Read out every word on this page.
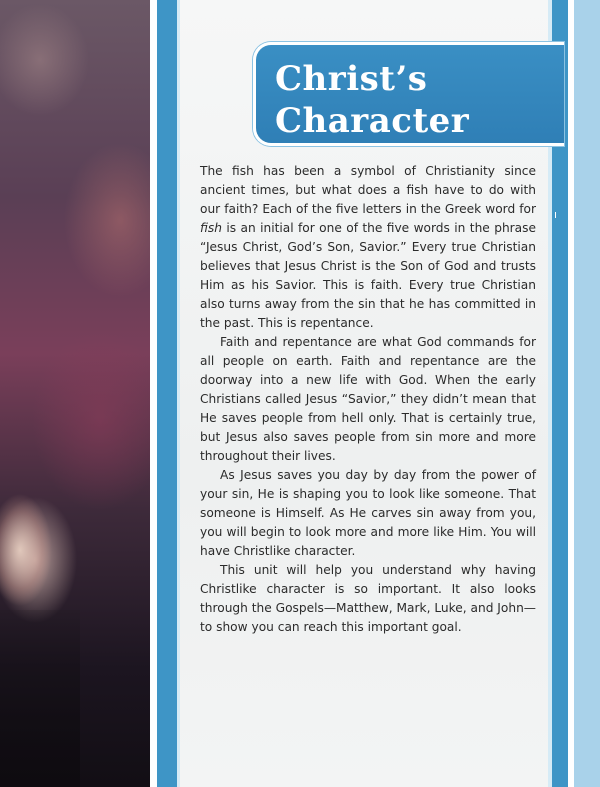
Christ’s
Character

The fish has been a symbol of Christianity since ancient times, but what does a fish have to do with our faith? Each of the five letters in the Greek word for fish is an initial for one of the five words in the phrase “Jesus Christ, God’s Son, Savior.” Every true Christian believes that Jesus Christ is the Son of God and trusts Him as his Savior. This is faith. Every true Christian also turns away from the sin that he has committed in the past. This is repentance.

Faith and repentance are what God commands for all people on earth. Faith and repentance are the doorway into a new life with God. When the early Christians called Jesus “Savior,” they didn’t mean that He saves people from hell only. That is certainly true, but Jesus also saves people from sin more and more throughout their lives.

As Jesus saves you day by day from the power of your sin, He is shaping you to look like someone. That someone is Himself. As He carves sin away from you, you will begin to look more and more like Him. You will have Christlike character.

This unit will help you understand why having Christlike character is so important. It also looks through the Gospels—Matthew, Mark, Luke, and John—to show you can reach this important goal.
